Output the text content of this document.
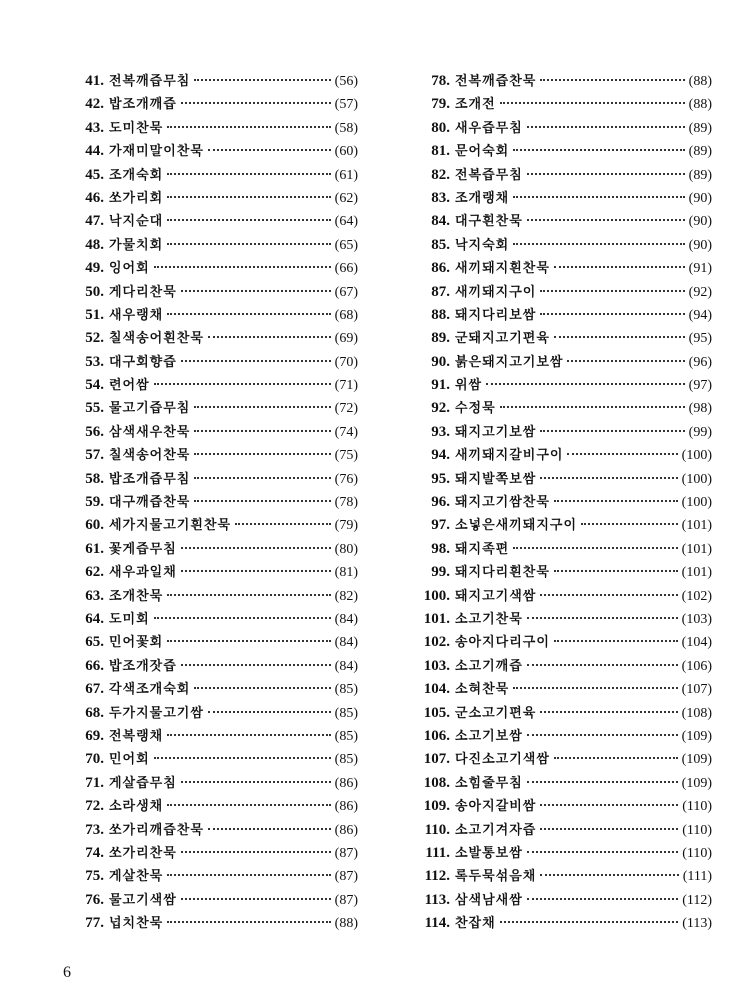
41. 전복깨즙무침	(56)
42. 밥조개깨즙	(57)
43. 도미찬묵	(58)
44. 가재미말이찬묵	(60)
45. 조개숙회	(61)
46. 쏘가리회	(62)
47. 낙지순대	(64)
48. 가물치회	(65)
49. 잉어회	(66)
50. 게다리찬묵	(67)
51. 새우랭채	(68)
52. 칠색송어흰찬묵	(69)
53. 대구회향즙	(70)
54. 련어쌈	(71)
55. 물고기즙무침	(72)
56. 삼색새우찬묵	(74)
57. 칠색송어찬묵	(75)
58. 밥조개즙무침	(76)
59. 대구깨즙찬묵	(78)
60. 세가지물고기흰찬묵	(79)
61. 꽃게즙무침	(80)
62. 새우과일채	(81)
63. 조개찬묵	(82)
64. 도미회	(84)
65. 민어꽃회	(84)
66. 밥조개잣즙	(84)
67. 각색조개숙회	(85)
68. 두가지물고기쌈	(85)
69. 전복랭채	(85)
70. 민어회	(85)
71. 게살즙무침	(86)
72. 소라생채	(86)
73. 쏘가리깨즙찬묵	(86)
74. 쏘가리찬묵	(87)
75. 게살찬묵	(87)
76. 물고기색쌈	(87)
77. 넙치찬묵	(88)
78. 전복깨즙찬묵	(88)
79. 조개전	(88)
80. 새우즙무침	(89)
81. 문어숙회	(89)
82. 전복즙무침	(89)
83. 조개랭채	(90)
84. 대구흰찬묵	(90)
85. 낙지숙회	(90)
86. 새끼돼지흰찬묵	(91)
87. 새끼돼지구이	(92)
88. 돼지다리보쌈	(94)
89. 군돼지고기편육	(95)
90. 붉은돼지고기보쌈	(96)
91. 위쌈	(97)
92. 수정묵	(98)
93. 돼지고기보쌈	(99)
94. 새끼돼지갈비구이	(100)
95. 돼지발쪽보쌈	(100)
96. 돼지고기쌈찬묵	(100)
97. 소넣은새끼돼지구이	(101)
98. 돼지족편	(101)
99. 돼지다리흰찬묵	(101)
100. 돼지고기색쌈	(102)
101. 소고기찬묵	(103)
102. 송아지다리구이	(104)
103. 소고기깨즙	(106)
104. 소혀찬묵	(107)
105. 군소고기편육	(108)
106. 소고기보쌈	(109)
107. 다진소고기색쌈	(109)
108. 소힘줄무침	(109)
109. 송아지갈비쌈	(110)
110. 소고기겨자즙	(110)
111. 소발통보쌈	(110)
112. 록두묵섞음채	(111)
113. 삼색남새쌈	(112)
114. 찬잡채	(113)
6
